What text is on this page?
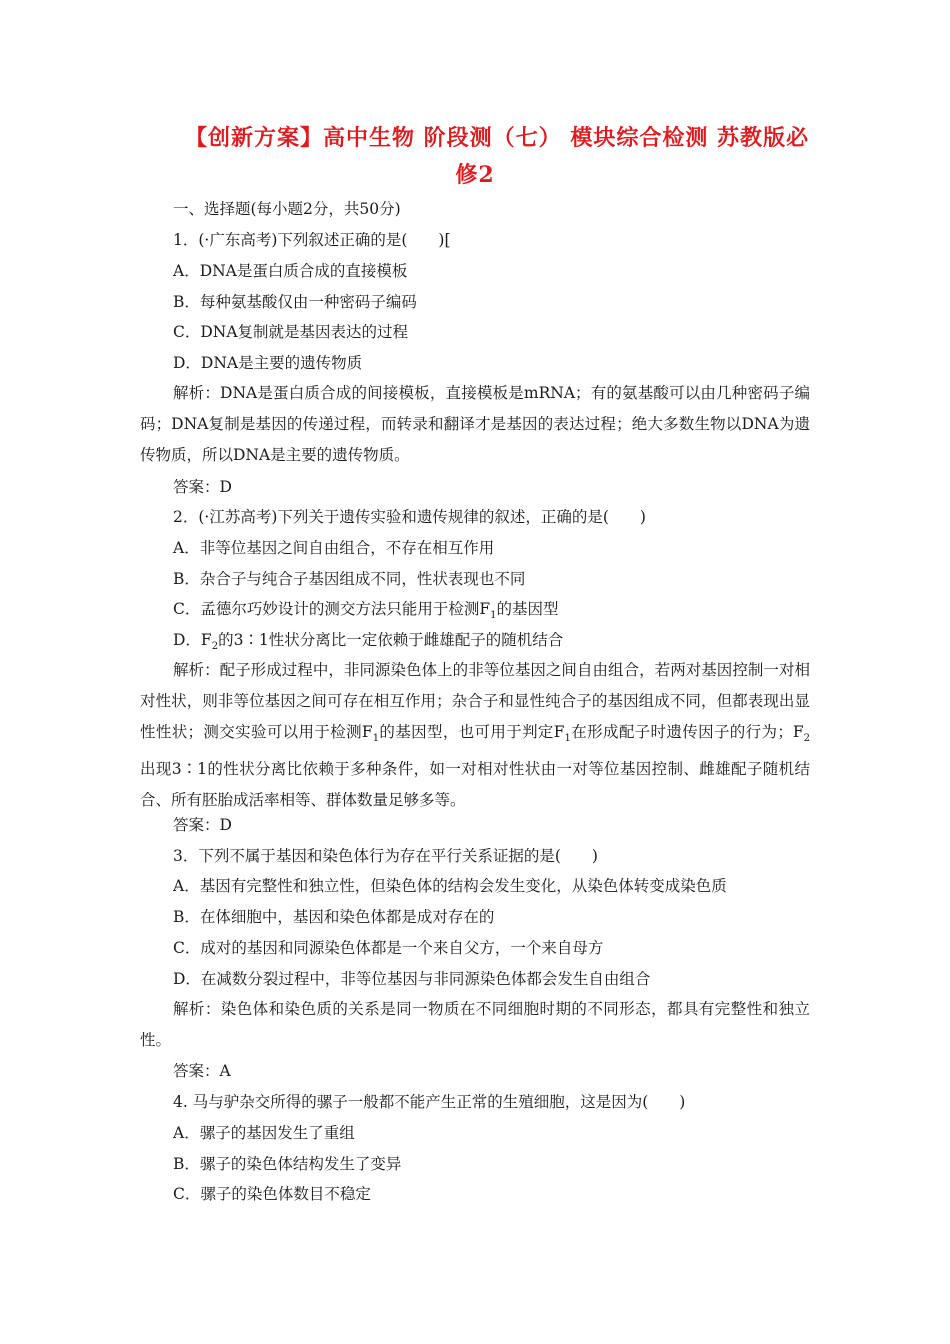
【创新方案】高中生物 阶段测（七） 模块综合检测 苏教版必
修2
一、选择题(每小题2分，共50分)
1．(·广东高考)下列叙述正确的是(　　)[
A．DNA是蛋白质合成的直接模板
B．每种氨基酸仅由一种密码子编码
C．DNA复制就是基因表达的过程
D．DNA是主要的遗传物质
解析：DNA是蛋白质合成的间接模板，直接模板是mRNA；有的氨基酸可以由几种密码子编码；DNA复制是基因的传递过程，而转录和翻译才是基因的表达过程；绝大多数生物以DNA为遗传物质，所以DNA是主要的遗传物质。
答案：D
2．(·江苏高考)下列关于遗传实验和遗传规律的叙述，正确的是(　　)
A．非等位基因之间自由组合，不存在相互作用
B．杂合子与纯合子基因组成不同，性状表现也不同
C．孟德尔巧妙设计的测交方法只能用于检测$F_1$的基因型
D．$F_2$的3∶1性状分离比一定依赖于雌雄配子的随机结合
解析：配子形成过程中，非同源染色体上的非等位基因之间自由组合，若两对基因控制一对相对性状，则非等位基因之间可存在相互作用；杂合子和显性纯合子的基因组成不同，但都表现出显性性状；测交实验可以用于检测$F_1$的基因型，也可用于判定$F_1$在形成配子时遗传因子的行为；$F_2$出现3∶1的性状分离比依赖于多种条件，如一对相对性状由一对等位基因控制、雌雄配子随机结合、所有胚胎成活率相等、群体数量足够多等。
答案：D
3．下列不属于基因和染色体行为存在平行关系证据的是(　　)
A．基因有完整性和独立性，但染色体的结构会发生变化，从染色体转变成染色质
B．在体细胞中，基因和染色体都是成对存在的
C．成对的基因和同源染色体都是一个来自父方，一个来自母方
D．在减数分裂过程中，非等位基因与非同源染色体都会发生自由组合
解析：染色体和染色质的关系是同一物质在不同细胞时期的不同形态，都具有完整性和独立性。
答案：A
4. 马与驴杂交所得的骡子一般都不能产生正常的生殖细胞，这是因为(　　)
A．骡子的基因发生了重组
B．骡子的染色体结构发生了变异
C．骡子的染色体数目不稳定
